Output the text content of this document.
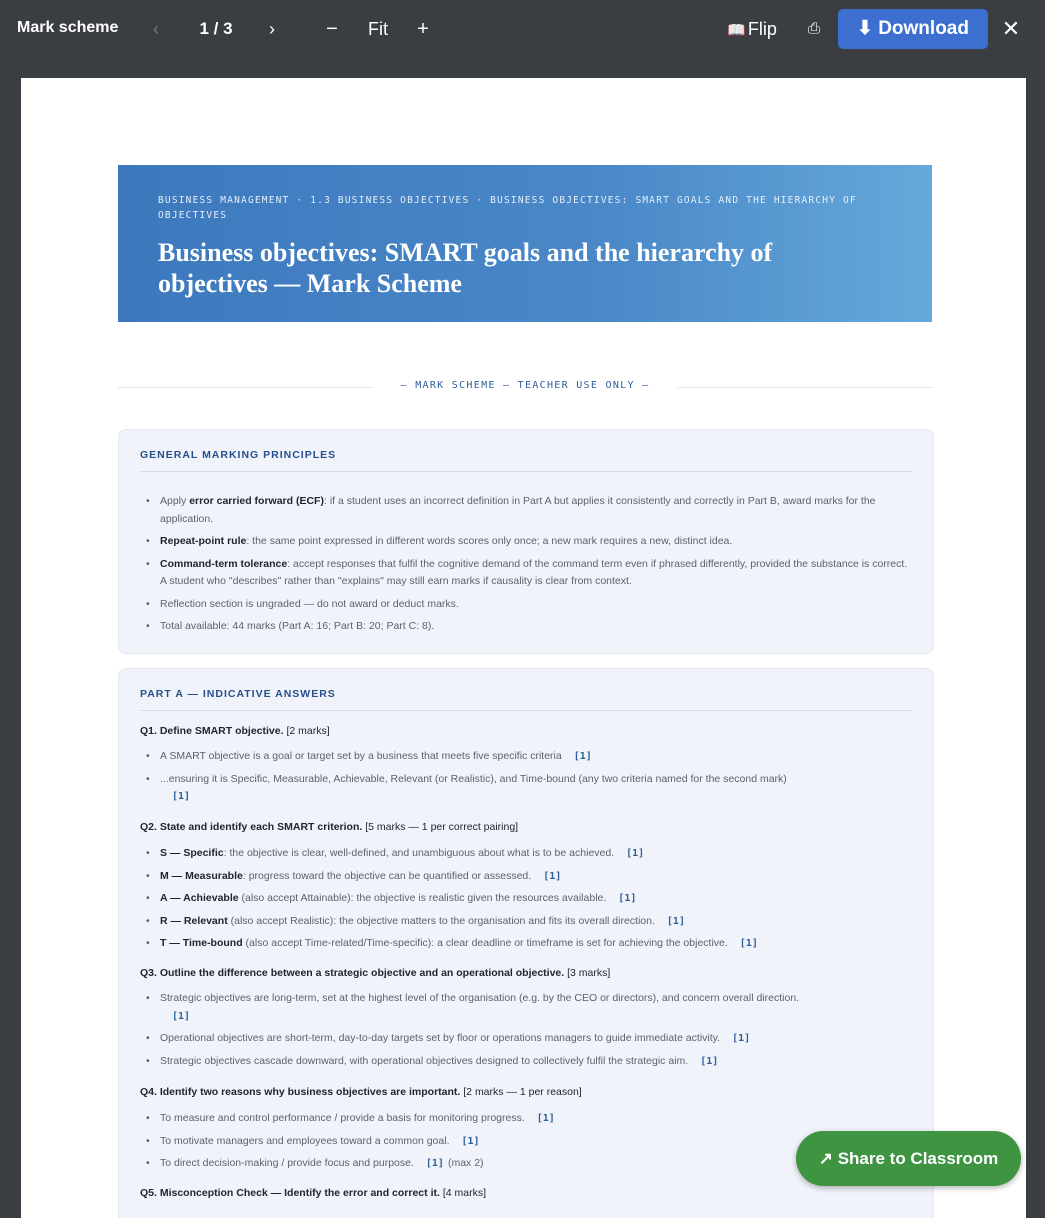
Mark scheme	‹	1 / 3	›	−	Fit	+	📖 Flip	⎙	⬇ Download	✕
BUSINESS MANAGEMENT · 1.3 BUSINESS OBJECTIVES · BUSINESS OBJECTIVES: SMART GOALS AND THE HIERARCHY OF OBJECTIVES
Business objectives: SMART goals and the hierarchy of objectives — Mark Scheme
— MARK SCHEME — TEACHER USE ONLY —
GENERAL MARKING PRINCIPLES
• Apply error carried forward (ECF): if a student uses an incorrect definition in Part A but applies it consistently and correctly in Part B, award marks for the application.
• Repeat-point rule: the same point expressed in different words scores only once; a new mark requires a new, distinct idea.
• Command-term tolerance: accept responses that fulfil the cognitive demand of the command term even if phrased differently, provided the substance is correct. A student who "describes" rather than "explains" may still earn marks if causality is clear from context.
• Reflection section is ungraded — do not award or deduct marks.
• Total available: 44 marks (Part A: 16; Part B: 20; Part C: 8).
PART A — INDICATIVE ANSWERS
Q1. Define SMART objective. [2 marks]
• A SMART objective is a goal or target set by a business that meets five specific criteria [1]
• ...ensuring it is Specific, Measurable, Achievable, Relevant (or Realistic), and Time-bound (any two criteria named for the second mark)
[1]
Q2. State and identify each SMART criterion. [5 marks — 1 per correct pairing]
• S — Specific: the objective is clear, well-defined, and unambiguous about what is to be achieved. [1]
• M — Measurable: progress toward the objective can be quantified or assessed. [1]
• A — Achievable (also accept Attainable): the objective is realistic given the resources available. [1]
• R — Relevant (also accept Realistic): the objective matters to the organisation and fits its overall direction. [1]
• T — Time-bound (also accept Time-related/Time-specific): a clear deadline or timeframe is set for achieving the objective. [1]
Q3. Outline the difference between a strategic objective and an operational objective. [3 marks]
• Strategic objectives are long-term, set at the highest level of the organisation (e.g. by the CEO or directors), and concern overall direction.
[1]
• Operational objectives are short-term, day-to-day targets set by floor or operations managers to guide immediate activity. [1]
• Strategic objectives cascade downward, with operational objectives designed to collectively fulfil the strategic aim. [1]
Q4. Identify two reasons why business objectives are important. [2 marks — 1 per reason]
• To measure and control performance / provide a basis for monitoring progress. [1]
• To motivate managers and employees toward a common goal. [1]
• To direct decision-making / provide focus and purpose. [1] (max 2)
Q5. Misconception Check — Identify the error and correct it. [4 marks]
↗ Share to Classroom
